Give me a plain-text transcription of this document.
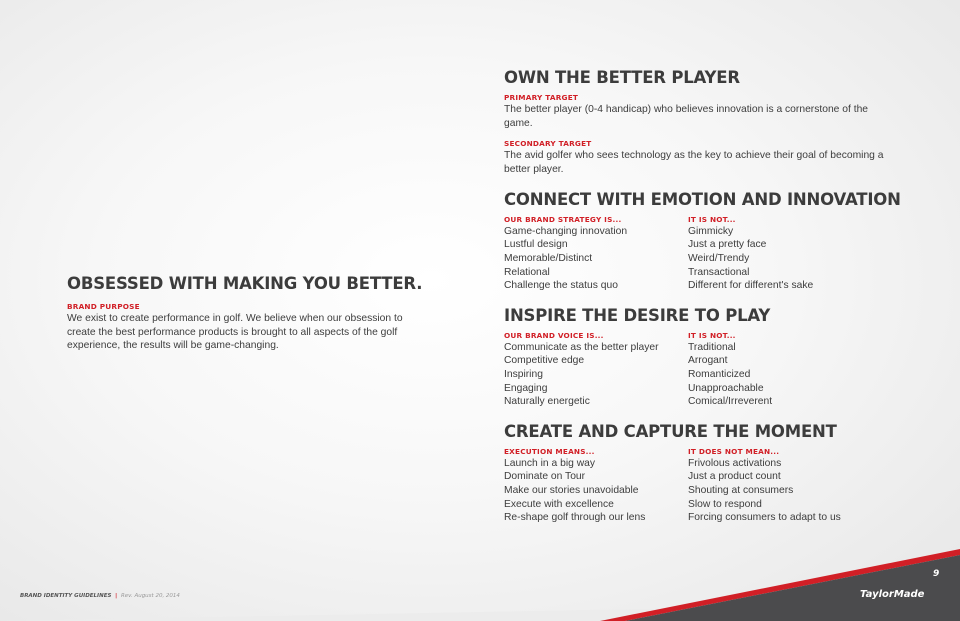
OBSESSED WITH MAKING YOU BETTER.
BRAND PURPOSE
We exist to create performance in golf. We believe when our obsession to create the best performance products is brought to all aspects of the golf experience, the results will be game-changing.
OWN THE BETTER PLAYER
PRIMARY TARGET
The better player (0-4 handicap) who believes innovation is a cornerstone of the game.
SECONDARY TARGET
The avid golfer who sees technology as the key to achieve their goal of becoming a better player.
CONNECT WITH EMOTION AND INNOVATION
OUR BRAND STRATEGY IS...
Game-changing innovation
Lustful design
Memorable/Distinct
Relational
Challenge the status quo
IT IS NOT...
Gimmicky
Just a pretty face
Weird/Trendy
Transactional
Different for different's sake
INSPIRE THE DESIRE TO PLAY
OUR BRAND VOICE IS...
Communicate as the better player
Competitive edge
Inspiring
Engaging
Naturally energetic
IT IS NOT...
Traditional
Arrogant
Romanticized
Unapproachable
Comical/Irreverent
CREATE AND CAPTURE THE MOMENT
EXECUTION MEANS...
Launch in a big way
Dominate on Tour
Make our stories unavoidable
Execute with excellence
Re-shape golf through our lens
IT DOES NOT MEAN...
Frivolous activations
Just a product count
Shouting at consumers
Slow to respond
Forcing consumers to adapt to us
BRAND IDENTITY GUIDELINES | Rev. August 20, 2014
9
TaylorMade
